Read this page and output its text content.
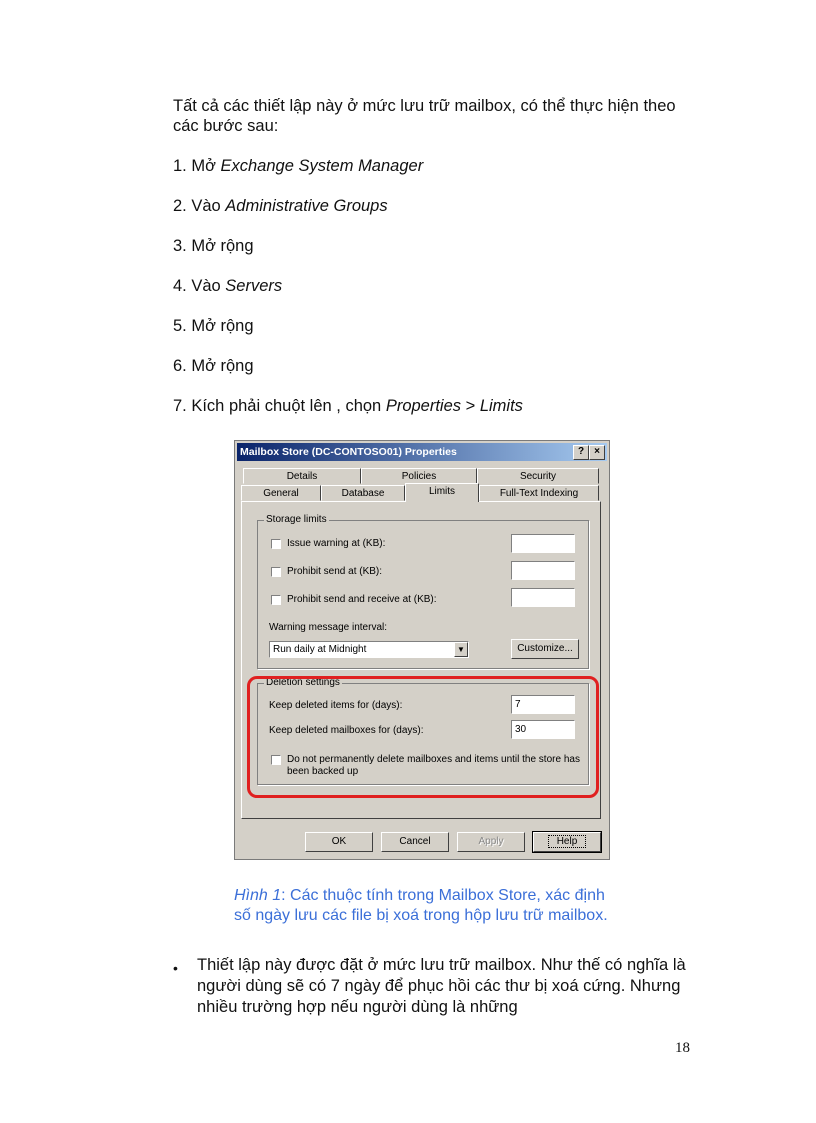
Tất cả các thiết lập này ở mức lưu trữ mailbox, có thể thực hiện theo các bước sau:

1. Mở Exchange System Manager

2. Vào Administrative Groups

3. Mở rộng

4. Vào Servers

5. Mở rộng

6. Mở rộng

7. Kích phải chuột lên , chọn Properties > Limits

Mailbox Store (DC-CONTOSO01) Properties	?	×
Details	Policies	Security
General	Database	Limits	Full-Text Indexing
Storage limits
Issue warning at (KB):
Prohibit send at (KB):
Prohibit send and receive at (KB):
Warning message interval:
Run daily at Midnight	▼	Customize...
Deletion settings
Keep deleted items for (days):	7
Keep deleted mailboxes for (days):	30
Do not permanently delete mailboxes and items until the store has
been backed up
OK	Cancel	Apply	Help

Hình 1: Các thuộc tính trong Mailbox Store, xác định số ngày lưu các file bị xoá trong hộp lưu trữ mailbox.

• Thiết lập này được đặt ở mức lưu trữ mailbox. Như thế có nghĩa là người dùng sẽ có 7 ngày để phục hồi các thư bị xoá cứng. Nhưng nhiều trường hợp nếu người dùng là những

18
